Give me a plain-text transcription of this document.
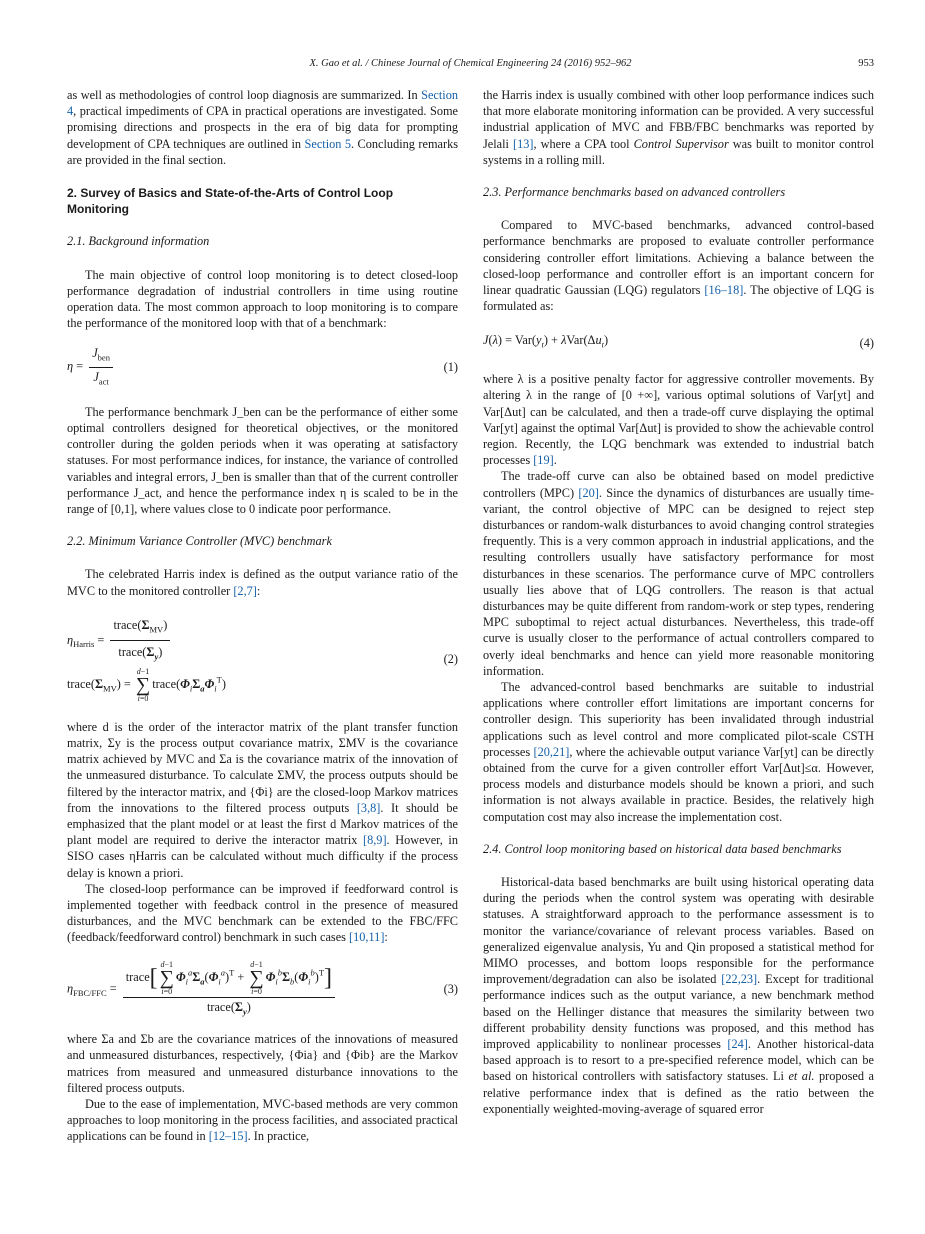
X. Gao et al. / Chinese Journal of Chemical Engineering 24 (2016) 952–962	953

as well as methodologies of control loop diagnosis are summarized. In Section 4, practical impediments of CPA in practical operations are investigated. Some promising directions and prospects in the era of big data for prompting development of CPA techniques are outlined in Section 5. Concluding remarks are provided in the final section.

2. Survey of Basics and State-of-the-Arts of Control Loop Monitoring
2.1. Background information

The main objective of control loop monitoring is to detect closed-loop performance degradation of industrial controllers in time using routine operation data. The most common approach to loop monitoring is to compare the performance of the monitored loop with that of a benchmark:

$\eta = \frac{J_{ben}}{J_{act}}$	(1)

The performance benchmark J_ben can be the performance of either some optimal controllers designed for theoretical objectives, or the monitored controller during the golden periods when it was operating at satisfactory statuses. For most performance indices, for instance, the variance of controlled variables and integral errors, J_ben is smaller than that of the current controller performance J_act, and hence the performance index η is scaled to be in the range of [0,1], where values close to 0 indicate poor performance.

2.2. Minimum Variance Controller (MVC) benchmark

The celebrated Harris index is defined as the output variance ratio of the MVC to the monitored controller [2,7]:

$\eta_{Harris} = \frac{trace(\Sigma_{MV})}{trace(\Sigma_y)}$
$trace(\Sigma_{MV})$ =
d−1
∑
i=0
$trace(\Phi_i\Sigma_a\Phi_i^T)$
(2)

where d is the order of the interactor matrix of the plant transfer function matrix, Σy is the process output covariance matrix, ΣMV is the covariance matrix achieved by MVC and Σa is the covariance matrix of the innovation of the unmeasured disturbance. To calculate ΣMV, the process outputs should be filtered by the interactor matrix, and {Φi} are the closed-loop Markov matrices from the innovations to the filtered process outputs [3,8]. It should be emphasized that the plant model or at least the first d Markov matrices of the plant model are required to derive the interactor matrix [8,9]. However, in SISO cases ηHarris can be calculated without much difficulty if the process delay is known a priori.

The closed-loop performance can be improved if feedforward control is implemented together with feedback control in the presence of measured disturbances, and the MVC benchmark can be extended to the FBC/FFC (feedback/feedforward control) benchmark in such cases [10,11]:

$\eta_{FBC/FFC}$ = trace[
d−1
∑
i=0
$\Phi_i^a\Sigma_a(\Phi_i^a)^T$ +
d−1
∑
i=0
$\Phi_i^b\Sigma_b(\Phi_i^b)^T$]
$trace(\Sigma_y)$	(3)

where Σa and Σb are the covariance matrices of the innovations of measured and unmeasured disturbances, respectively, {Φia} and {Φib} are the Markov matrices from measured and unmeasured disturbance innovations to the filtered process outputs.

Due to the ease of implementation, MVC-based methods are very common approaches to loop monitoring in the process facilities, and associated practical applications can be found in [12–15]. In practice,

the Harris index is usually combined with other loop performance indices such that more elaborate monitoring information can be provided. A very successful industrial application of MVC and FBB/FBC benchmarks was reported by Jelali [13], where a CPA tool Control Supervisor was built to monitor control systems in a rolling mill.

2.3. Performance benchmarks based on advanced controllers

Compared to MVC-based benchmarks, advanced control-based performance benchmarks are proposed to evaluate controller performance considering controller effort limitations. Achieving a balance between the closed-loop performance and controller effort is an important concern for linear quadratic Gaussian (LQG) regulators [16–18]. The objective of LQG is formulated as:

$J(\lambda) = Var(y_t) + \lambda Var(\Delta u_t)$	(4)

where λ is a positive penalty factor for aggressive controller movements. By altering λ in the range of [0 +∞], various optimal solutions of Var[yt] and Var[Δut] can be calculated, and then a trade-off curve displaying the optimal Var[yt] against the optimal Var[Δut] is provided to show the achievable control region. Recently, the LQG benchmark was extended to industrial batch processes [19].

The trade-off curve can also be obtained based on model predictive controllers (MPC) [20]. Since the dynamics of disturbances are usually time-variant, the control objective of MPC can be designed to reject step disturbances or random-walk disturbances to avoid changing control strategies frequently. This is a very common approach in industrial applications, and the resulting controllers usually have satisfactory performance for most disturbances in these scenarios. The performance curve of MPC controllers usually lies above that of LQG controllers. The reason is that actual disturbances may be quite different from random-work or step types, rendering MPC suboptimal to reject actual disturbances. Nevertheless, this trade-off curve is usually closer to the performance of actual controllers compared to overly ideal benchmarks and hence can yield more reasonable monitoring information.

The advanced-control based benchmarks are suitable to industrial applications where controller effort limitations are important concerns for controller design. This superiority has been invalidated through industrial applications such as level control and more complicated pilot-scale CSTH processes [20,21], where the achievable output variance Var[yt] can be directly obtained from the curve for a given controller effort Var[Δut]≤α. However, process models and disturbance models should be known a priori, and such information is not always available in practice. Besides, the relatively high computation cost may also increase the implementation cost.

2.4. Control loop monitoring based on historical data based benchmarks

Historical-data based benchmarks are built using historical operating data during the periods when the control system was operating with desirable statuses. A straightforward approach to the performance assessment is to monitor the variance/covariance of relevant process variables. Based on generalized eigenvalue analysis, Yu and Qin proposed a statistical method for MIMO processes, and bottom loops responsible for the performance improvement/degradation can also be isolated [22,23]. Except for traditional performance indices such as the output variance, a new benchmark method based on the Hellinger distance that measures the similarity between two different probability density functions was proposed, and this method has improved applicability to nonlinear processes [24]. Another historical-data based approach is to resort to a pre-specified reference model, which can be based on historical controllers with satisfactory statuses. Li et al. proposed a relative performance index that is defined as the ratio between the exponentially weighted-moving-average of squared error
